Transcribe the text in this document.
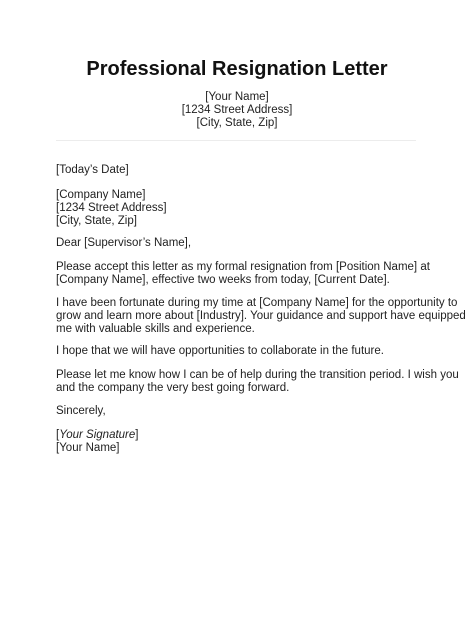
Professional Resignation Letter
[Your Name]
[1234 Street Address]
[City, State, Zip]
[Today’s Date]
[Company Name]
[1234 Street Address]
[City, State, Zip]
Dear [Supervisor’s Name],
Please accept this letter as my formal resignation from [Position Name] at
[Company Name], effective two weeks from today, [Current Date].
I have been fortunate during my time at [Company Name] for the opportunity to
grow and learn more about [Industry]. Your guidance and support have equipped
me with valuable skills and experience.
I hope that we will have opportunities to collaborate in the future.
Please let me know how I can be of help during the transition period. I wish you
and the company the very best going forward.
Sincerely,
[Your Signature]
[Your Name]
